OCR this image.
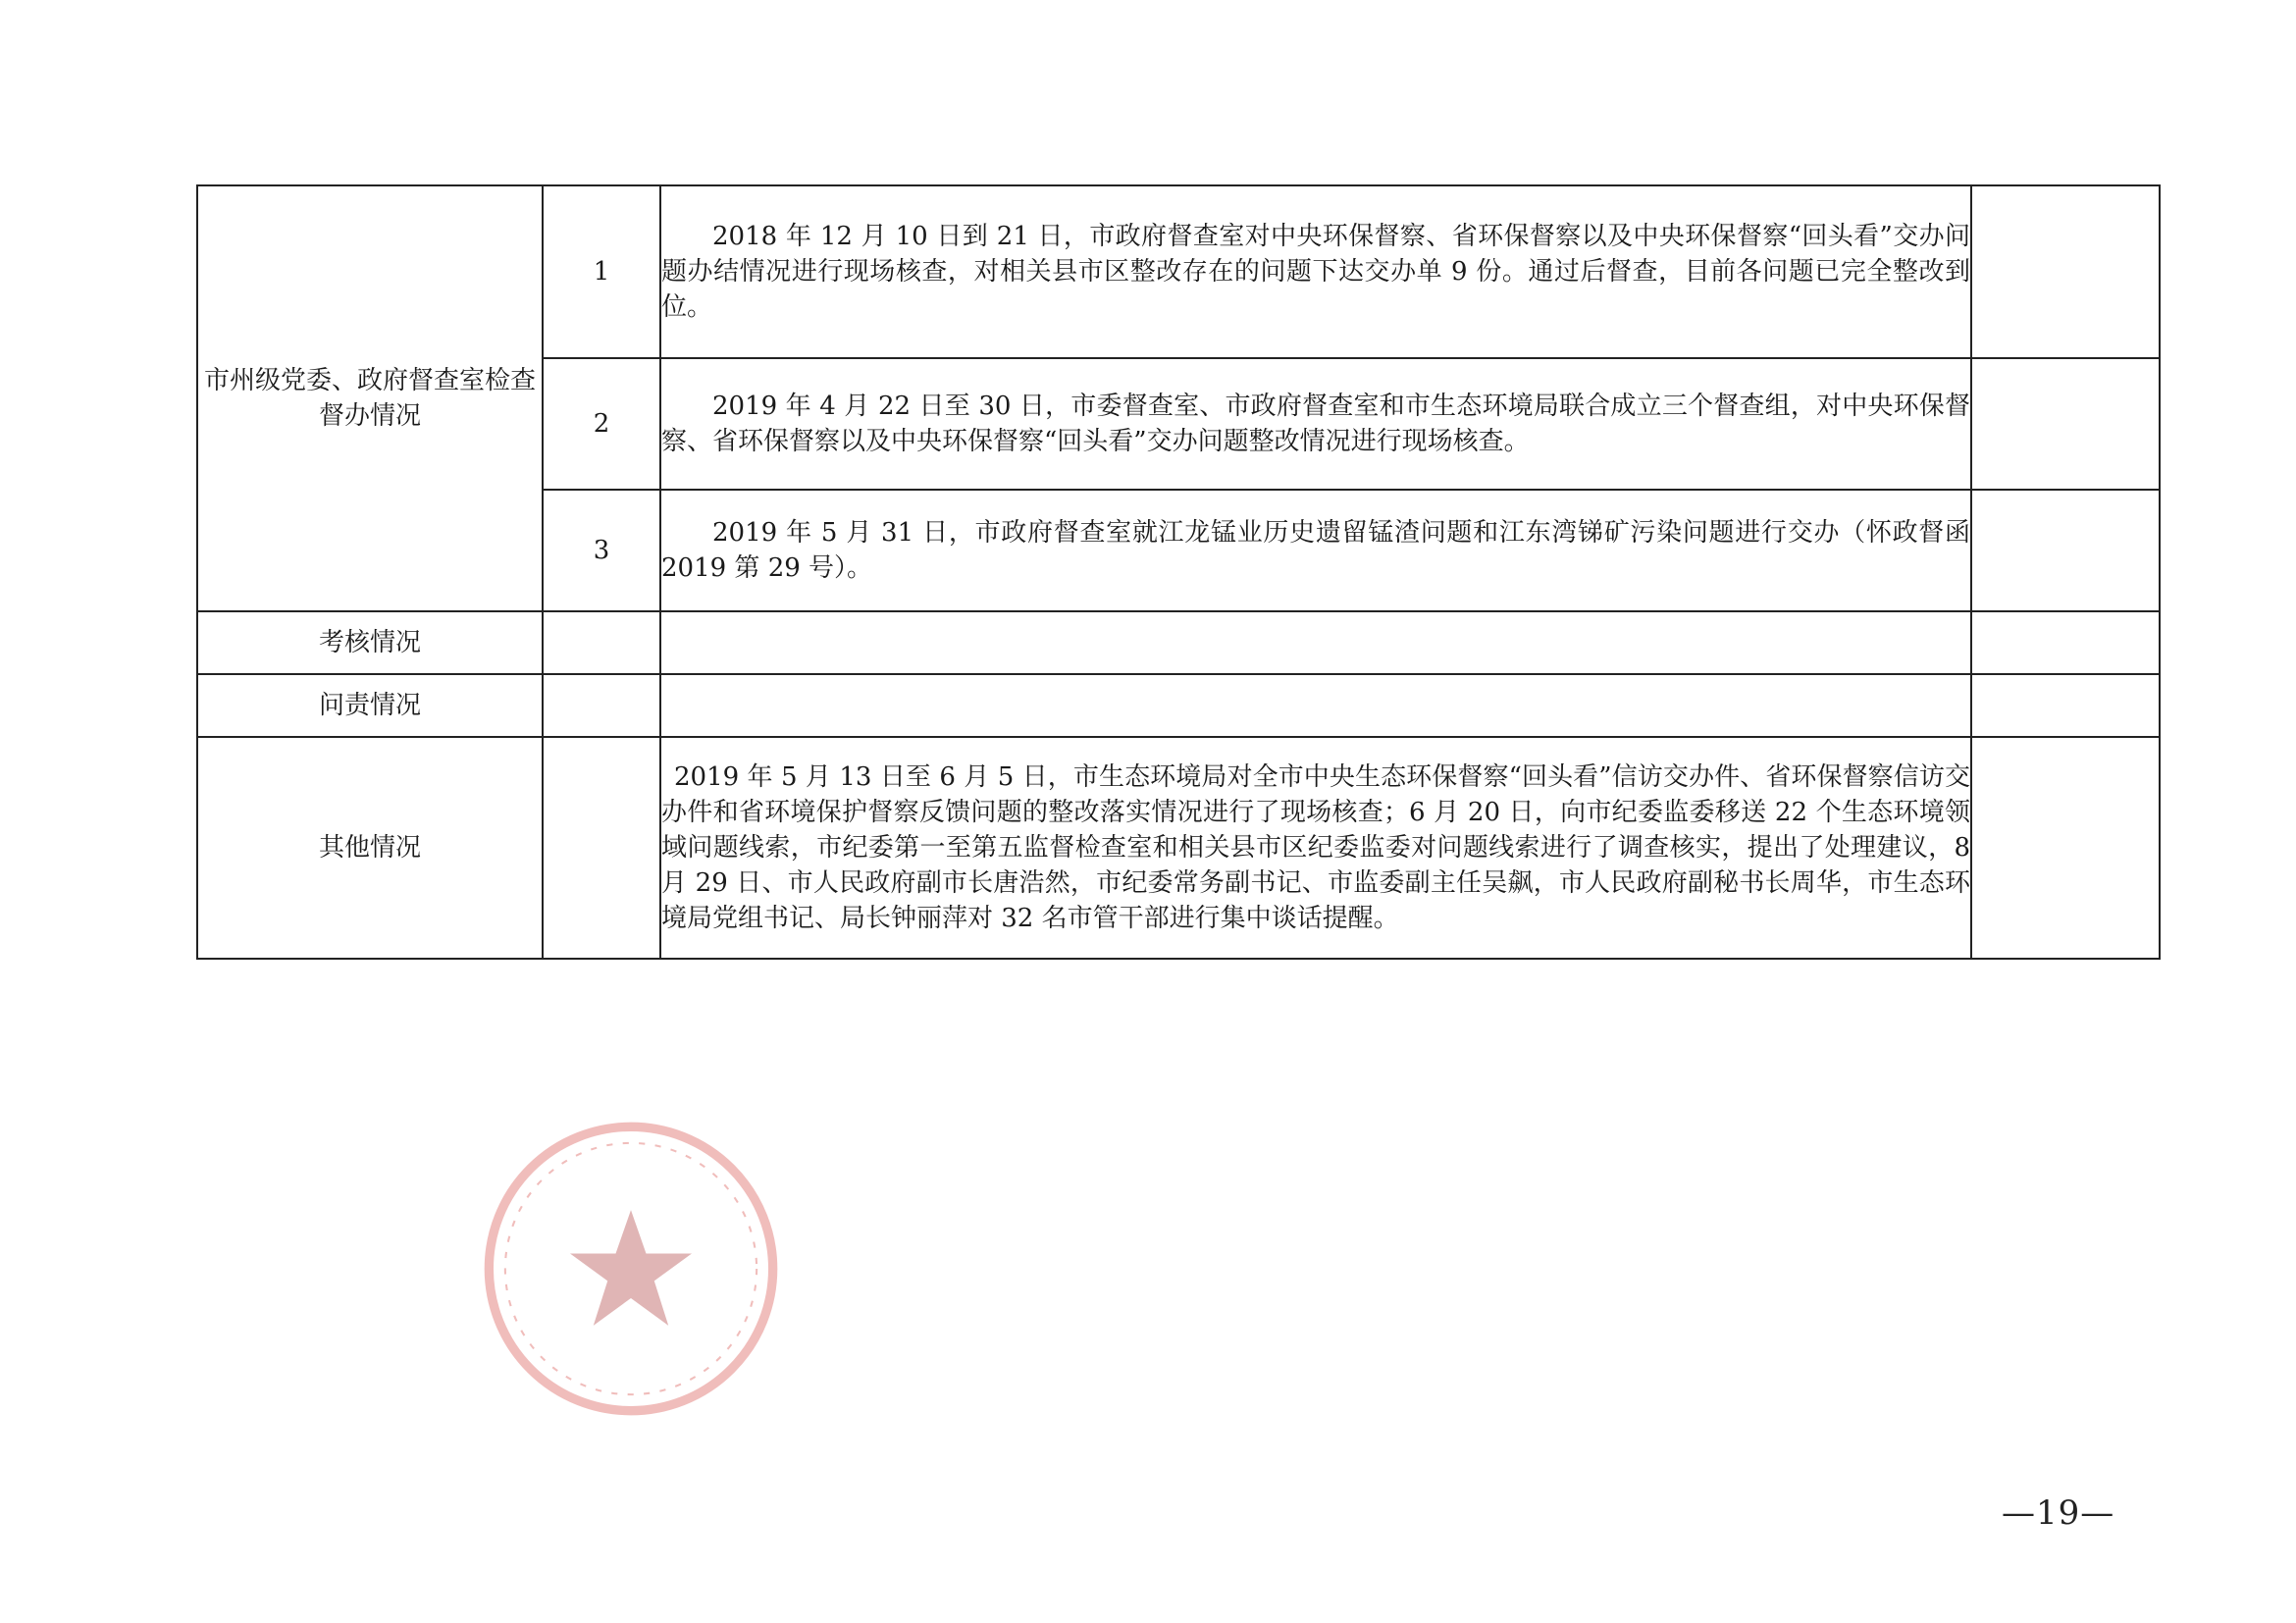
市州级党委、政府督查室检查督办情况	1	2018 年 12 月 10 日到 21 日，市政府督查室对中央环保督察、省环保督察以及中央环保督察“回头看”交办问题办结情况进行现场核查，对相关县市区整改存在的问题下达交办单 9 份。通过后督查，目前各问题已完全整改到位。	

	2	2019 年 4 月 22 日至 30 日，市委督查室、市政府督查室和市生态环境局联合成立三个督查组，对中央环保督察、省环保督察以及中央环保督察“回头看”交办问题整改情况进行现场核查。	

	3	2019 年 5 月 31 日，市政府督查室就江龙锰业历史遗留锰渣问题和江东湾锑矿污染问题进行交办（怀政督函 2019 第 29 号）。	

考核情况			
问责情况			
其他情况		2019 年 5 月 13 日至 6 月 5 日，市生态环境局对全市中央生态环保督察“回头看”信访交办件、省环保督察信访交办件和省环境保护督察反馈问题的整改落实情况进行了现场核查；6 月 20 日，向市纪委监委移送 22 个生态环境领域问题线索，市纪委第一至第五监督检查室和相关县市区纪委监委对问题线索进行了调查核实，提出了处理建议，8 月 29 日、市人民政府副市长唐浩然，市纪委常务副书记、市监委副主任吴飙，市人民政府副秘书长周华，市生态环境局党组书记、局长钟丽萍对 32 名市管干部进行集中谈话提醒。	

—19—
